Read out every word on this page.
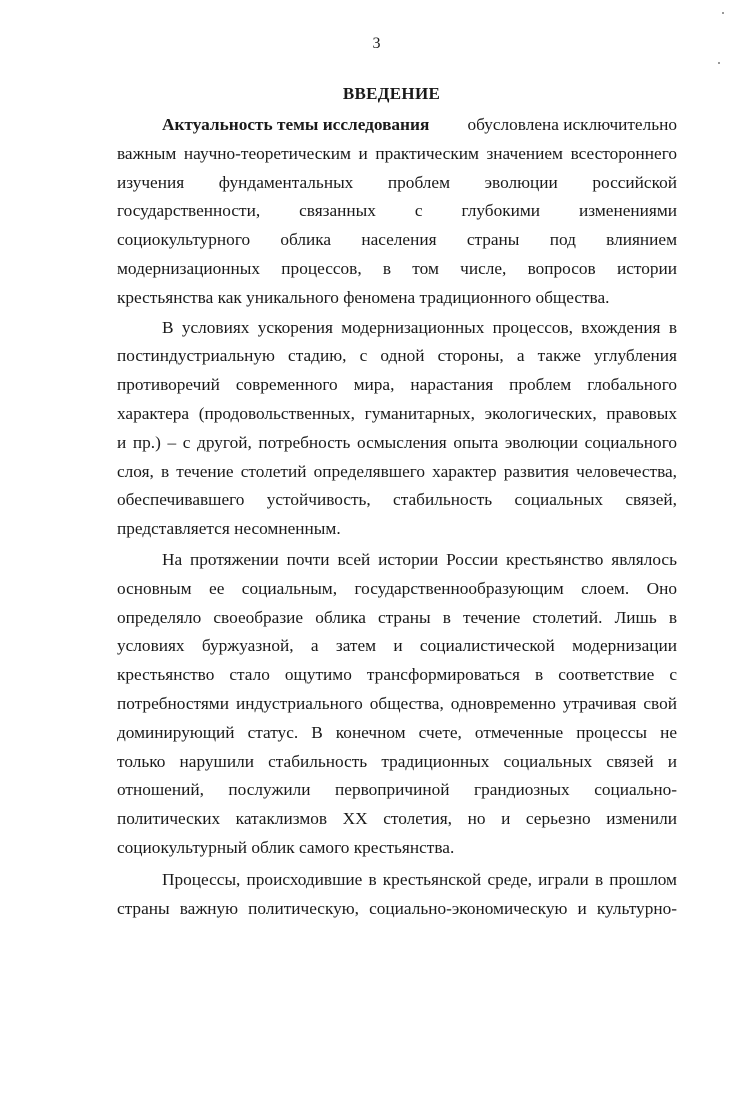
3
ВВЕДЕНИЕ
Актуальность темы исследования обусловлена исключительно
важным научно-теоретическим и практическим значением всестороннего
изучения фундаментальных проблем эволюции российской
государственности, связанных с глубокими изменениями
социокультурного облика населения страны под влиянием
модернизационных процессов, в том числе, вопросов истории
крестьянства как уникального феномена традиционного общества.
В условиях ускорения модернизационных процессов, вхождения в
постиндустриальную стадию, с одной стороны, а также углубления
противоречий современного мира, нарастания проблем глобального
характера (продовольственных, гуманитарных, экологических, правовых
и пр.) – с другой, потребность осмысления опыта эволюции социального
слоя, в течение столетий определявшего характер развития человечества,
обеспечивавшего устойчивость, стабильность социальных связей,
представляется несомненным.
На протяжении почти всей истории России крестьянство являлось
основным ее социальным, государственнообразующим слоем. Оно
определяло своеобразие облика страны в течение столетий. Лишь в
условиях буржуазной, а затем и социалистической модернизации
крестьянство стало ощутимо трансформироваться в соответствие с
потребностями индустриального общества, одновременно утрачивая свой
доминирующий статус. В конечном счете, отмеченные процессы не
только нарушили стабильность традиционных социальных связей и
отношений, послужили первопричиной грандиозных социально-
политических катаклизмов XX столетия, но и серьезно изменили
социокультурный облик самого крестьянства.
Процессы, происходившие в крестьянской среде, играли в прошлом
страны важную политическую, социально-экономическую и культурно-
